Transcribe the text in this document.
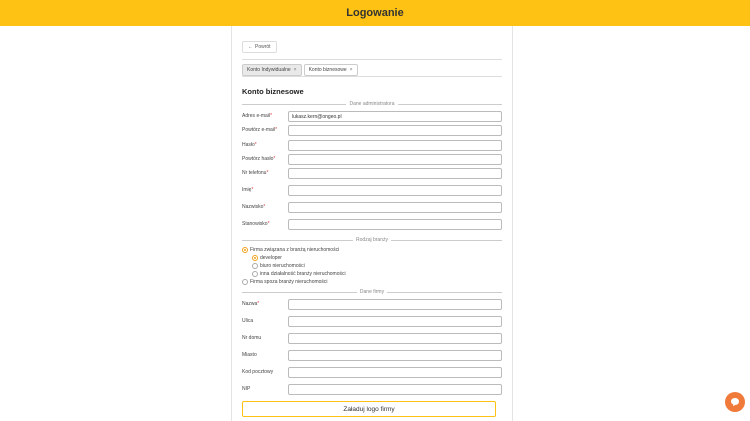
Logowanie
← Powrót
Konto Indywidualne × Konto biznesowe ×
Konto biznesowe
Dane administratora
Adres e-mail*
lukasz.kern@ongeo.pl
Powtórz e-mail*
Hasło*
Powtórz hasło*
Nr telefonu*
Imię*
Nazwisko*
Stanowisko*
Rodzaj branży
Firma związana z branżą nieruchomości
developer
biuro nieruchomości
inna działalność branży nieruchomości
Firma spoza branży nieruchomości
Dane firmy
Nazwa*
Ulica
Nr domu
Miasto
Kod pocztowy
NIP
Załaduj logo firmy
